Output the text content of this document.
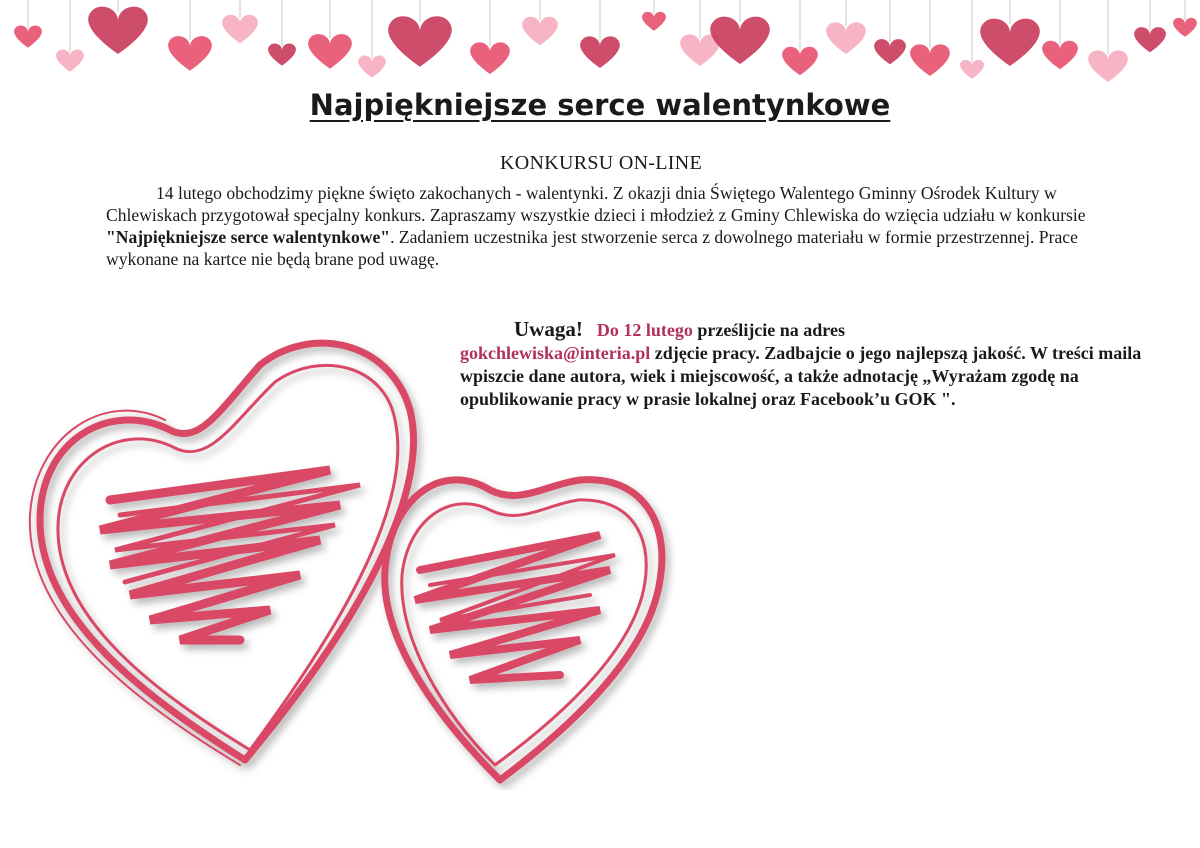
Najpiękniejsze serce walentynkowe
KONKURSU ON-LINE

14 lutego obchodzimy piękne święto zakochanych - walentynki. Z okazji dnia Świętego Walentego Gminny Ośrodek Kultury w Chlewiskach przygotował specjalny konkurs. Zapraszamy wszystkie dzieci i młodzież z Gminy Chlewiska do wzięcia udziału w konkursie "Najpiękniejsze serce walentynkowe". Zadaniem uczestnika jest stworzenie serca z dowolnego materiału w formie przestrzennej. Prace wykonane na kartce nie będą brane pod uwagę.

Uwaga! Do 12 lutego prześlijcie na adres
gokchlewiska@interia.pl zdjęcie pracy. Zadbajcie o jego najlepszą jakość. W treści maila wpiszcie dane autora, wiek i miejscowość, a także adnotację „Wyrażam zgodę na opublikowanie pracy w prasie lokalnej oraz Facebook’u GOK ".
